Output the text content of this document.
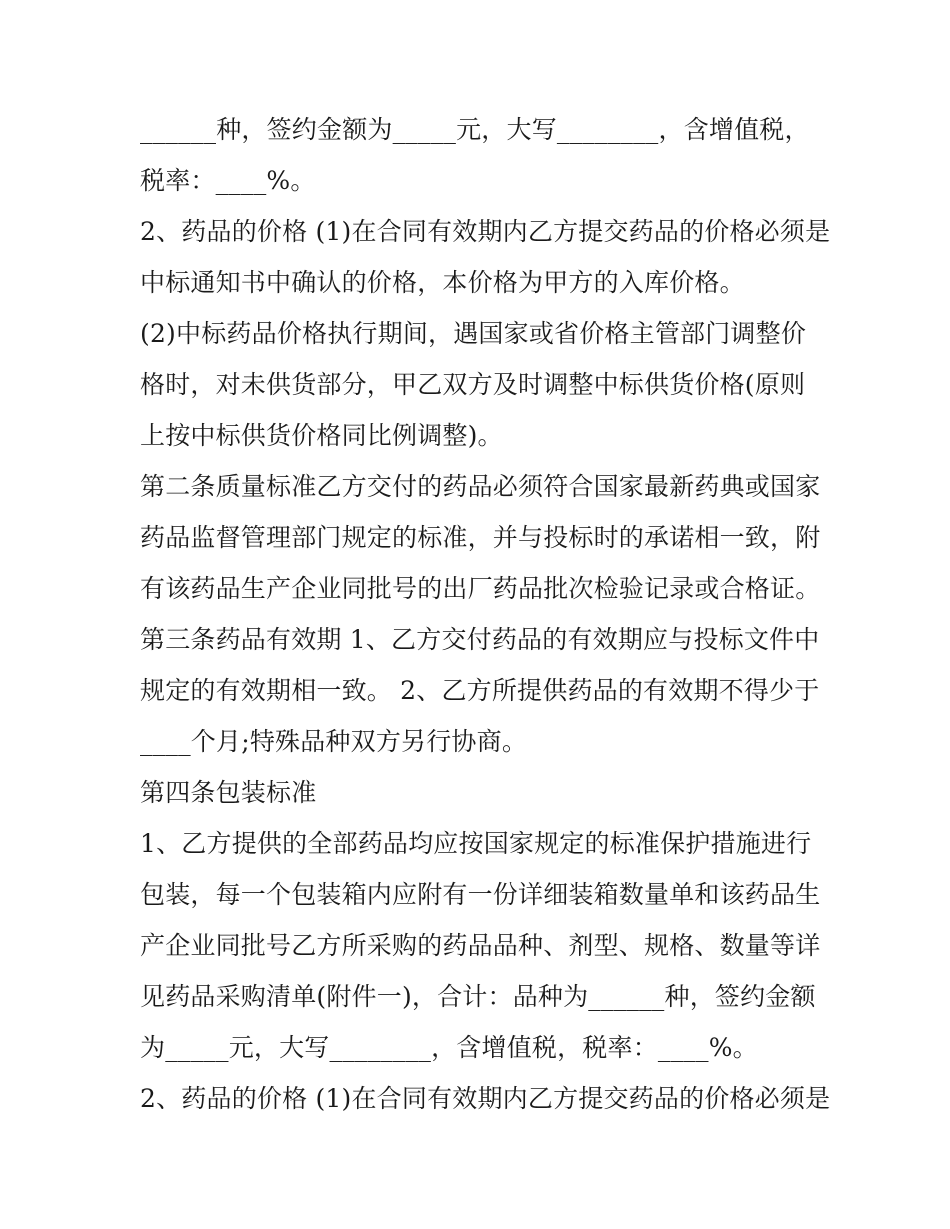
______种，签约金额为_____元，大写________，含增值税，
税率：____%。
2、药品的价格 (1)在合同有效期内乙方提交药品的价格必须是
中标通知书中确认的价格，本价格为甲方的入库价格。
(2)中标药品价格执行期间，遇国家或省价格主管部门调整价
格时，对未供货部分，甲乙双方及时调整中标供货价格(原则
上按中标供货价格同比例调整)。
第二条质量标准乙方交付的药品必须符合国家最新药典或国家
药品监督管理部门规定的标准，并与投标时的承诺相一致，附
有该药品生产企业同批号的出厂药品批次检验记录或合格证。
第三条药品有效期 1、乙方交付药品的有效期应与投标文件中
规定的有效期相一致。 2、乙方所提供药品的有效期不得少于
____个月;特殊品种双方另行协商。
第四条包装标准
1、乙方提供的全部药品均应按国家规定的标准保护措施进行
包装，每一个包装箱内应附有一份详细装箱数量单和该药品生
产企业同批号乙方所采购的药品品种、剂型、规格、数量等详
见药品采购清单(附件一)，合计：品种为______种，签约金额
为_____元，大写________，含增值税，税率：____%。
2、药品的价格 (1)在合同有效期内乙方提交药品的价格必须是
